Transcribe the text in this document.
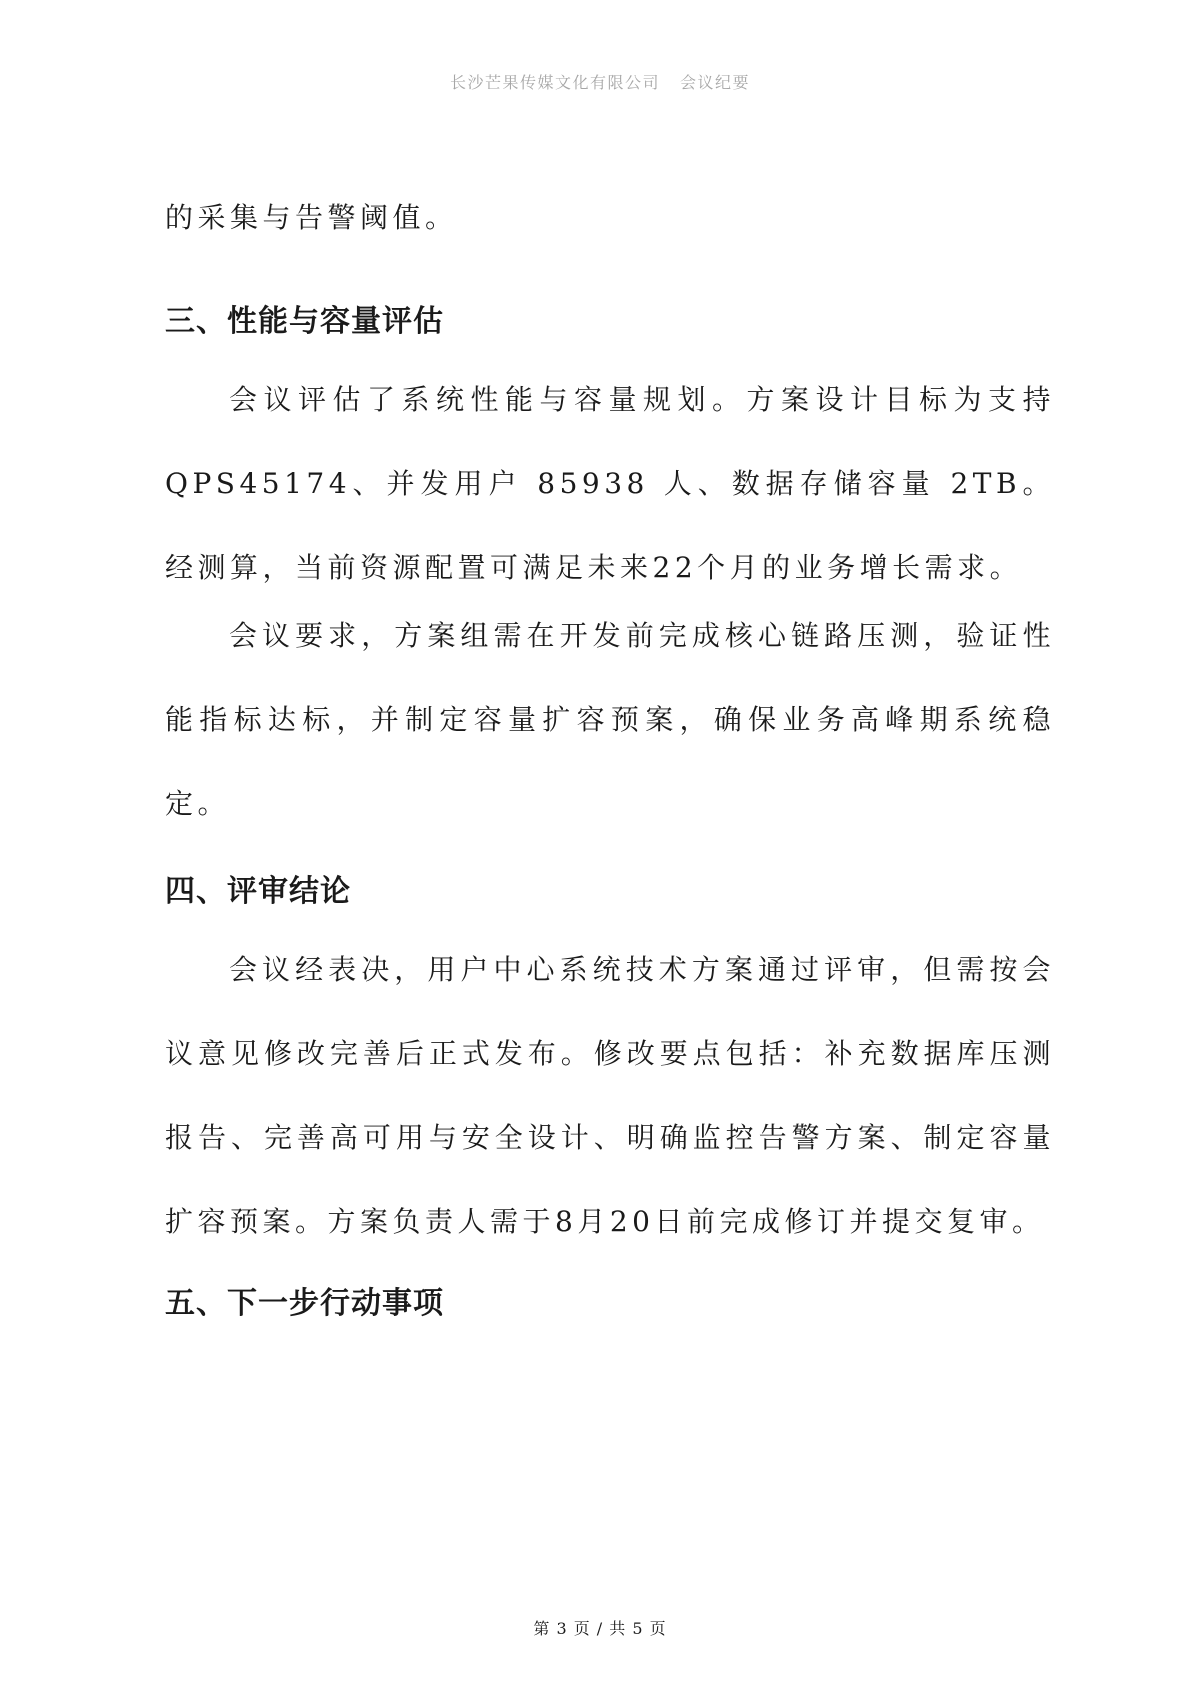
长沙芒果传媒文化有限公司 会议纪要
的采集与告警阈值。
三、性能与容量评估
会议评估了系统性能与容量规划。方案设计目标为支持QPS45174、并发用户 85938 人、数据存储容量 2TB。经测算，当前资源配置可满足未来22个月的业务增长需求。
会议要求，方案组需在开发前完成核心链路压测，验证性能指标达标，并制定容量扩容预案，确保业务高峰期系统稳定。
四、评审结论
会议经表决，用户中心系统技术方案通过评审，但需按会议意见修改完善后正式发布。修改要点包括：补充数据库压测报告、完善高可用与安全设计、明确监控告警方案、制定容量扩容预案。方案负责人需于8月20日前完成修订并提交复审。
五、下一步行动事项
第 3 页 / 共 5 页
